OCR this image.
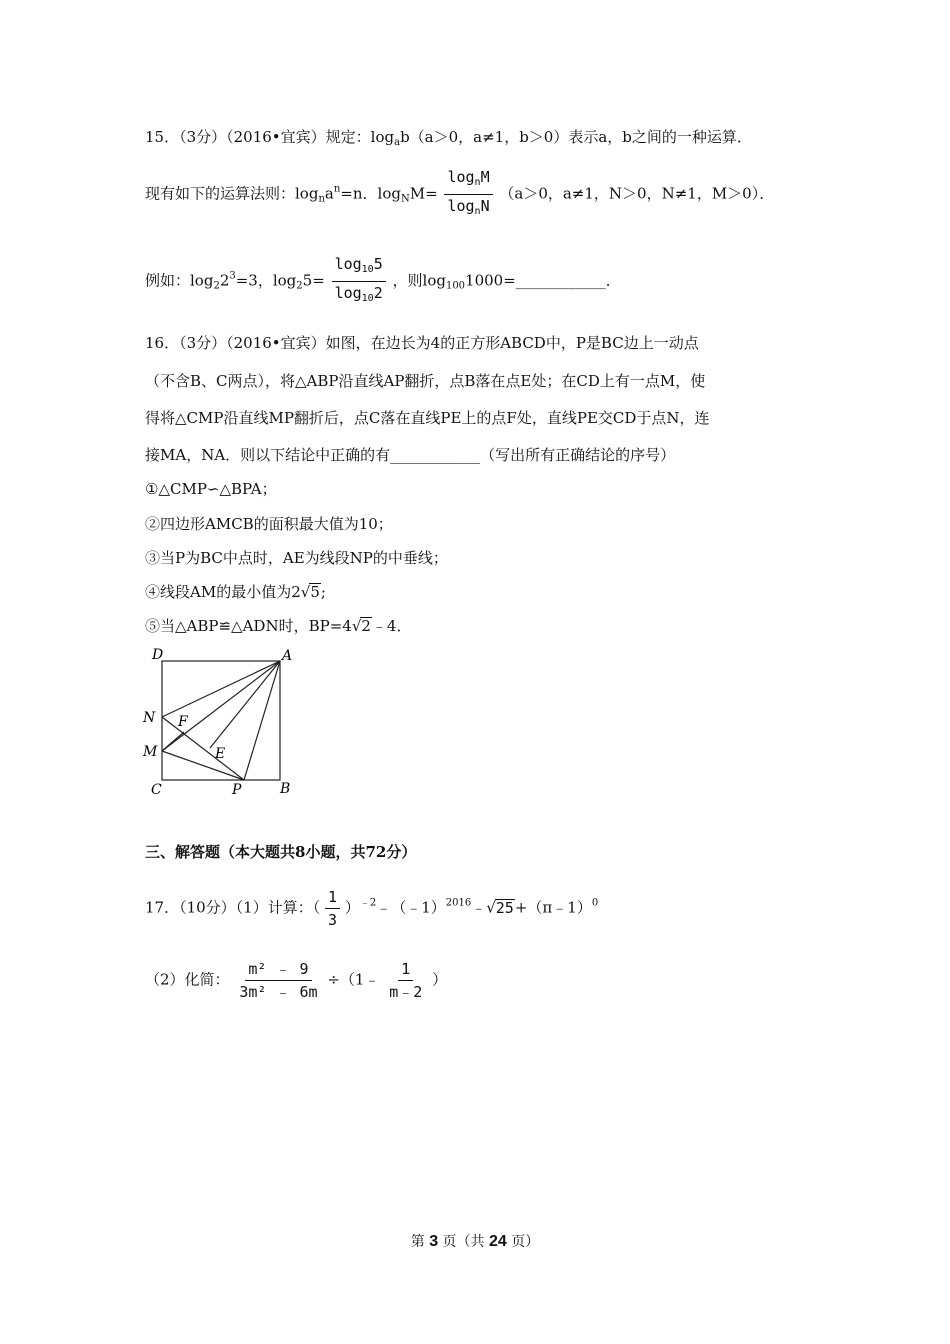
15．（3分）（2016•宜宾）规定：$\log_ab(a>0$，a≠1，b＞0）表示a，b之间的一种运算．
现有如下的运算法则：$\log_na^n=n$．$\log_NM= \frac{\log_nM}{\log_nN} (a>0$，a≠1，N＞0，N≠1，M＞0）．
例如：$\log_22^3=3$，$\log_25= \frac{\log_{10}5}{\log_{10}2}$ ，则$\log_{100}1000=\_\_\_\_\_\_\_\_\_\_\_\_$．
16．（3分）（2016•宜宾）如图，在边长为4的正方形ABCD中，P是BC边上一动点
（不含B、C两点），将△ABP沿直线AP翻折，点B落在点E处；在CD上有一点M，使
得将△CMP沿直线MP翻折后，点C落在直线PE上的点F处，直线PE交CD于点N，连
接MA，NA．则以下结论中正确的有____________（写出所有正确结论的序号）
①△CMP∽△BPA；
②四边形AMCB的面积最大值为10；
③当P为BC中点时，AE为线段NP的中垂线；
④线段AM的最小值为2√5;
⑤当△ABP≌△ADN时，BP=4√2﹣4．
D	A
N F
M	E
C	P	B
三、解答题（本大题共8小题，共72分）
17．（10分）（1）计算：（ $\frac{1}{3}$ ）$^{﹣2}$﹣（﹣1）$^{2016}$﹣√25+（π﹣1）$^0$
（2）化简： $\frac{\text{m² ﹣ 9}}{\text{3m² ﹣ 6m}}$ ÷（1﹣ $\frac{1}{m﹣2}$ ）
第 3 页（共 24 页）
